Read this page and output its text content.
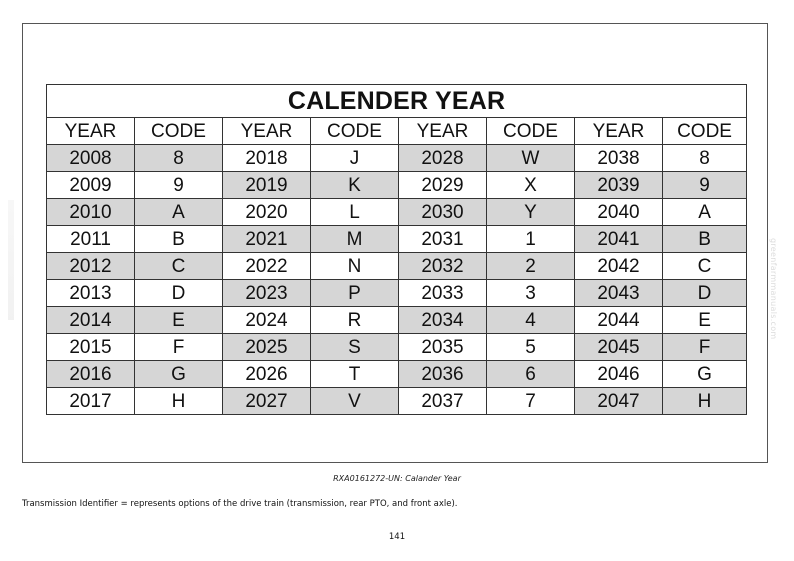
CALENDER YEAR							
YEAR	CODE	YEAR	CODE	YEAR	CODE	YEAR	CODE
2008	8	2018	J	2028	W	2038	8
2009	9	2019	K	2029	X	2039	9
2010	A	2020	L	2030	Y	2040	A
2011	B	2021	M	2031	1	2041	B
2012	C	2022	N	2032	2	2042	C
2013	D	2023	P	2033	3	2043	D
2014	E	2024	R	2034	4	2044	E
2015	F	2025	S	2035	5	2045	F
2016	G	2026	T	2036	6	2046	G
2017	H	2027	V	2037	7	2047	H
RXA0161272-UN: Calander Year
Transmission Identifier = represents options of the drive train (transmission, rear PTO, and front axle).
141
greenfarmmanuals.com
